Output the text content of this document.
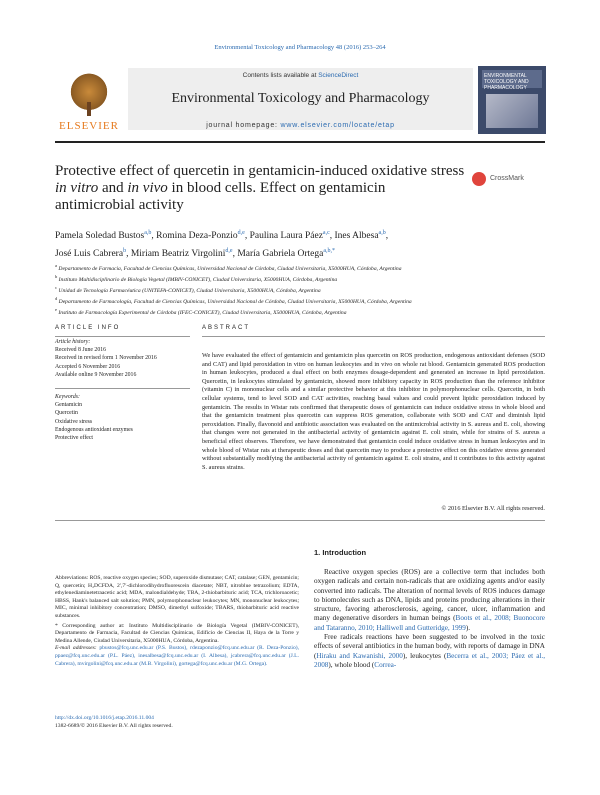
Environmental Toxicology and Pharmacology 48 (2016) 253–264
ELSEVIER
Contents lists available at ScienceDirect
Environmental Toxicology and Pharmacology
journal homepage: www.elsevier.com/locate/etap
ENVIRONMENTAL TOXICOLOGY AND PHARMACOLOGY
Protective effect of quercetin in gentamicin-induced oxidative stress in vitro and in vivo in blood cells. Effect on gentamicin antimicrobial activity
CrossMark
Pamela Soledad Bustos$^{a,b}$, Romina Deza-Ponzio$^{d,e}$, Paulina Laura Páez$^{a,c}$, Ines Albesa$^{a,b}$,
José Luis Cabrera$^b$, Miriam Beatriz Virgolini$^{d,e}$, María Gabriela Ortega$^{a,b,*}$
$^a$ Departamento de Farmacia, Facultad de Ciencias Químicas, Universidad Nacional de Córdoba, Ciudad Universitaria, X5000HUA, Córdoba, Argentina
$^b$ Instituto Multidisciplinario de Biología Vegetal (IMBIV-CONICET), Ciudad Universitaria, X5000HUA, Córdoba, Argentina
$^c$ Unidad de Tecnología Farmacéutica (UNITEFA-CONICET), Ciudad Universitaria, X5000HUA, Córdoba, Argentina
$^d$ Departamento de Farmacología, Facultad de Ciencias Químicas, Universidad Nacional de Córdoba, Ciudad Universitaria, X5000HUA, Córdoba, Argentina
$^e$ Instituto de Farmacología Experimental de Córdoba (IFEC-CONICET), Ciudad Universitaria, X5000HUA, Córdoba, Argentina
ARTICLE INFO	ABSTRACT
Article history:
Received 8 June 2016
Received in revised form 1 November 2016
Accepted 6 November 2016
Available online 9 November 2016
Keywords:
Gentamicin
Quercetin
Oxidative stress
Endogenous antioxidant enzymes
Protective effect
We have evaluated the effect of gentamicin and gentamicin plus quercetin on ROS production, endogenous antioxidant defenses (SOD and CAT) and lipid peroxidation in vitro on human leukocytes and in vivo on whole rat blood. Gentamicin generated ROS production in human leukocytes, produced a dual effect on both enzymes dosage-dependent and generated an increase in lipid peroxidation. Quercetin, in leukocytes stimulated by gentamicin, showed more inhibitory capacity in ROS production than the reference inhibitor (vitamin C) in mononuclear cells and a similar protective behavior at this inhibitor in polymorphonuclear cells. Quercetin, in both cellular systems, tend to level SOD and CAT activities, reaching basal values and could prevent lipidic peroxidation induced by gentamicin. The results in Wistar rats confirmed that therapeutic doses of gentamicin can induce oxidative stress in whole blood and that the gentamicin treatment plus quercetin can suppress ROS generation, collaborate with SOD and CAT and diminish lipid peroxidation. Finally, flavonoid and antibiotic association was evaluated on the antimicrobial activity in S. aureus and E. coli, showing that changes were not generated in the antibacterial activity of gentamicin against E. coli strain, while for strains of S. aureus a beneficial effect observes. Therefore, we have demonstrated that gentamicin could induce oxidative stress in human leukocytes and in whole blood of Wistar rats at therapeutic doses and that quercetin may to produce a protective effect on this oxidative stress generated without substantially modifying the antibacterial activity of gentamicin against E. coli strains, and it contributes to this activity against S. aureus strains.
© 2016 Elsevier B.V. All rights reserved.

Abbreviations: ROS, reactive oxygen species; SOD, superoxide dismutase; CAT, catalase; GEN, gentamicin; Q, quercetin; H₂DCFDA, 2′,7′-dichlorodihydrofluorescein diacetate; NBT, nitroblue tetrazolium; EDTA, ethylenediaminetetraacetic acid; MDA, malondialdehyde; TBA, 2-thiobarbituric acid; TCA, trichloroacetic; HBSS, Hank's balanced salt solution; PMN, polymorphonuclear leukocytes; MN, mononuclear leukocytes; MIC, minimal inhibitory concentration; DMSO, dimethyl sulfoxide; TBARS, thiobarbituric acid reactive substances.

* Corresponding author at: Instituto Multidisciplinario de Biología Vegetal (IMBIV-CONICET), Departamento de Farmacia, Facultad de Ciencias Químicas, Edificio de Ciencias II, Haya de la Torre y Medina Allende, Ciudad Universitaria, X5000HUA, Córdoba, Argentina.

E-mail addresses: pbustos@fcq.unc.edu.ar (P.S. Bustos), rdezaponzio@fcq.unc.edu.ar (R. Deza-Ponzio), ppaez@fcq.unc.edu.ar (P.L. Páez), inesalbesa@fcq.unc.edu.ar (I. Albesa), jcabrera@fcq.unc.edu.ar (J.L. Cabrera), mvirgolini@fcq.unc.edu.ar (M.B. Virgolini), gortega@fcq.unc.edu.ar (M.G. Ortega).

http://dx.doi.org/10.1016/j.etap.2016.11.004
1382-6689/© 2016 Elsevier B.V. All rights reserved.
1. Introduction

Reactive oxygen species (ROS) are a collective term that includes both oxygen radicals and certain non-radicals that are oxidizing agents and/or easily converted into radicals. The alteration of normal levels of ROS induces damage to biomolecules such as DNA, lipids and proteins producing alterations in their structure, favoring atherosclerosis, ageing, cancer, ulcer, inflammation and many degenerative disorders in human beings (Boots et al., 2008; Buonocore and Tataranno, 2010; Halliwell and Gutteridge, 1999).

Free radicals reactions have been suggested to be involved in the toxic effects of several antibiotics in the human body, with reports of damage in DNA (Hiraku and Kawanishi, 2000), leukocytes (Becerra et al., 2003; Páez et al., 2008), whole blood (Correa-
